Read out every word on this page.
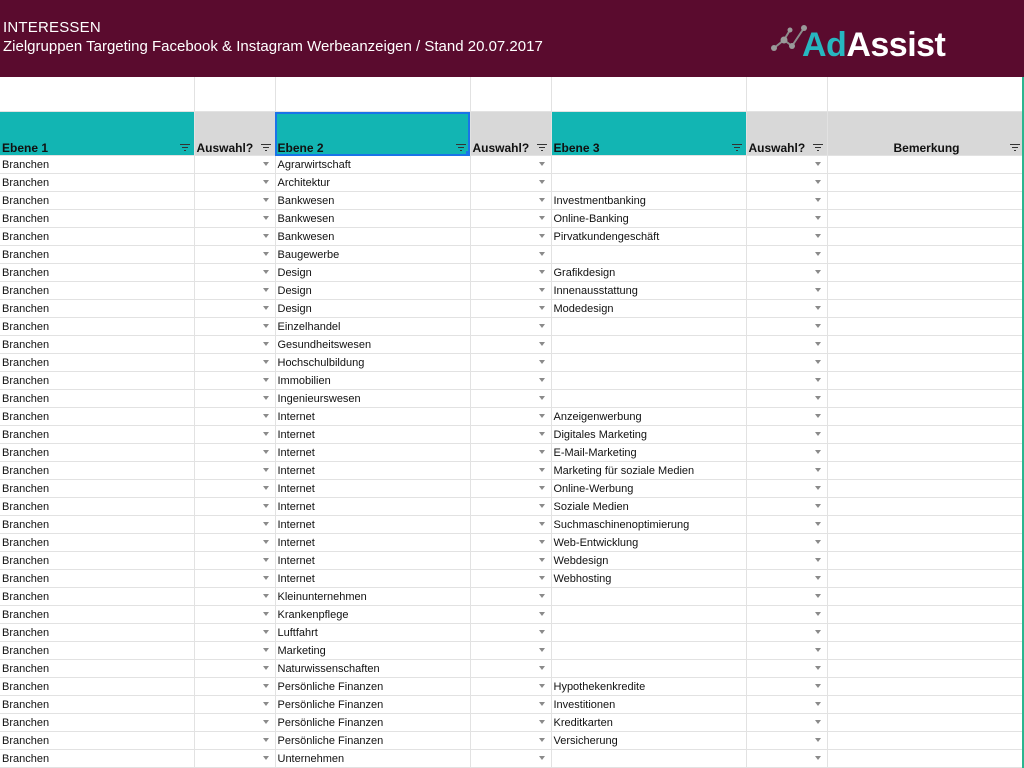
INTERESSEN
Zielgruppen Targeting Facebook & Instagram Werbeanzeigen / Stand 20.07.2017	AdAssist

Ebene 1	Auswahl?	Ebene 2	Auswahl?	Ebene 3	Auswahl?	Bemerkung

Branchen		Agrarwirtschaft	

Branchen		Architektur	

Branchen		Bankwesen		Investmentbanking	

Branchen		Bankwesen		Online-Banking	

Branchen		Bankwesen		Pirvatkundengeschäft	

Branchen		Baugewerbe	

Branchen		Design		Grafikdesign	

Branchen		Design		Innenausstattung	

Branchen		Design		Modedesign	

Branchen		Einzelhandel	

Branchen		Gesundheitswesen	

Branchen		Hochschulbildung	

Branchen		Immobilien	

Branchen		Ingenieurswesen	

Branchen		Internet		Anzeigenwerbung	

Branchen		Internet		Digitales Marketing	

Branchen		Internet		E-Mail-Marketing	

Branchen		Internet		Marketing für soziale Medien	

Branchen		Internet		Online-Werbung	

Branchen		Internet		Soziale Medien	

Branchen		Internet		Suchmaschinenoptimierung	

Branchen		Internet		Web-Entwicklung	

Branchen		Internet		Webdesign	

Branchen		Internet		Webhosting	

Branchen		Kleinunternehmen	

Branchen		Krankenpflege	

Branchen		Luftfahrt	

Branchen		Marketing	

Branchen		Naturwissenschaften	

Branchen		Persönliche Finanzen		Hypothekenkredite	

Branchen		Persönliche Finanzen		Investitionen	

Branchen		Persönliche Finanzen		Kreditkarten	

Branchen		Persönliche Finanzen		Versicherung	

Branchen		Unternehmen	
